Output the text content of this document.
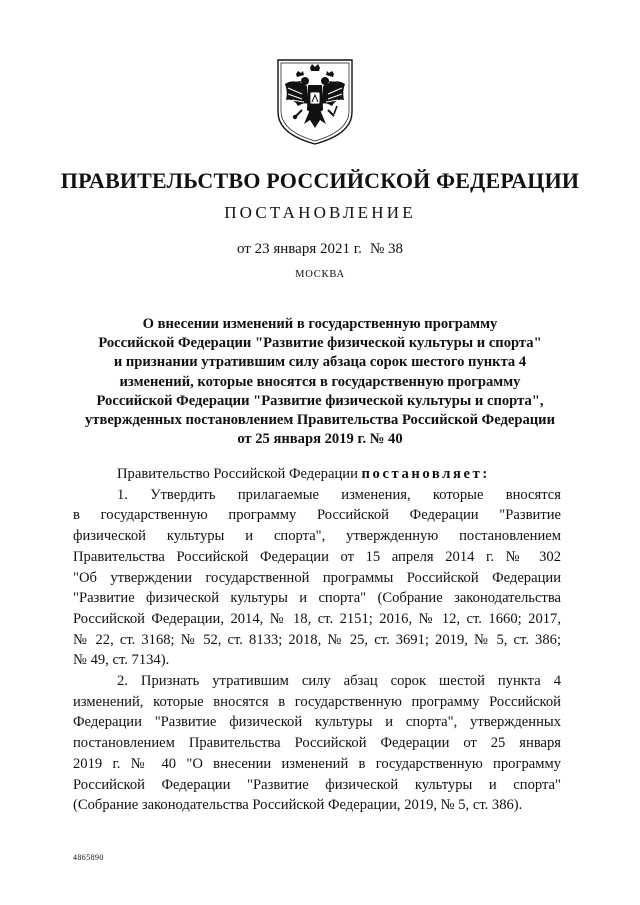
ПРАВИТЕЛЬСТВО РОССИЙСКОЙ ФЕДЕРАЦИИ
ПОСТАНОВЛЕНИЕ
от 23 января 2021 г. № 38
МОСКВА
О внесении изменений в государственную программу
Российской Федерации "Развитие физической культуры и спорта"
и признании утратившим силу абзаца сорок шестого пункта 4
изменений, которые вносятся в государственную программу
Российской Федерации "Развитие физической культуры и спорта",
утвержденных постановлением Правительства Российской Федерации
от 25 января 2019 г. № 40
Правительство Российской Федерации постановляет:
1. Утвердить прилагаемые изменения, которые вносятся
в государственную программу Российской Федерации "Развитие
физической культуры и спорта", утвержденную постановлением
Правительства Российской Федерации от 15 апреля 2014 г. № 302
"Об утверждении государственной программы Российской Федерации
"Развитие физической культуры и спорта" (Собрание законодательства
Российской Федерации, 2014, № 18, ст. 2151; 2016, № 12, ст. 1660; 2017,
№ 22, ст. 3168; № 52, ст. 8133; 2018, № 25, ст. 3691; 2019, № 5, ст. 386;
№ 49, ст. 7134).
2. Признать утратившим силу абзац сорок шестой пункта 4
изменений, которые вносятся в государственную программу Российской
Федерации "Развитие физической культуры и спорта", утвержденных
постановлением Правительства Российской Федерации от 25 января
2019 г. № 40 "О внесении изменений в государственную программу
Российской Федерации "Развитие физической культуры и спорта"
(Собрание законодательства Российской Федерации, 2019, № 5, ст. 386).
4865890
